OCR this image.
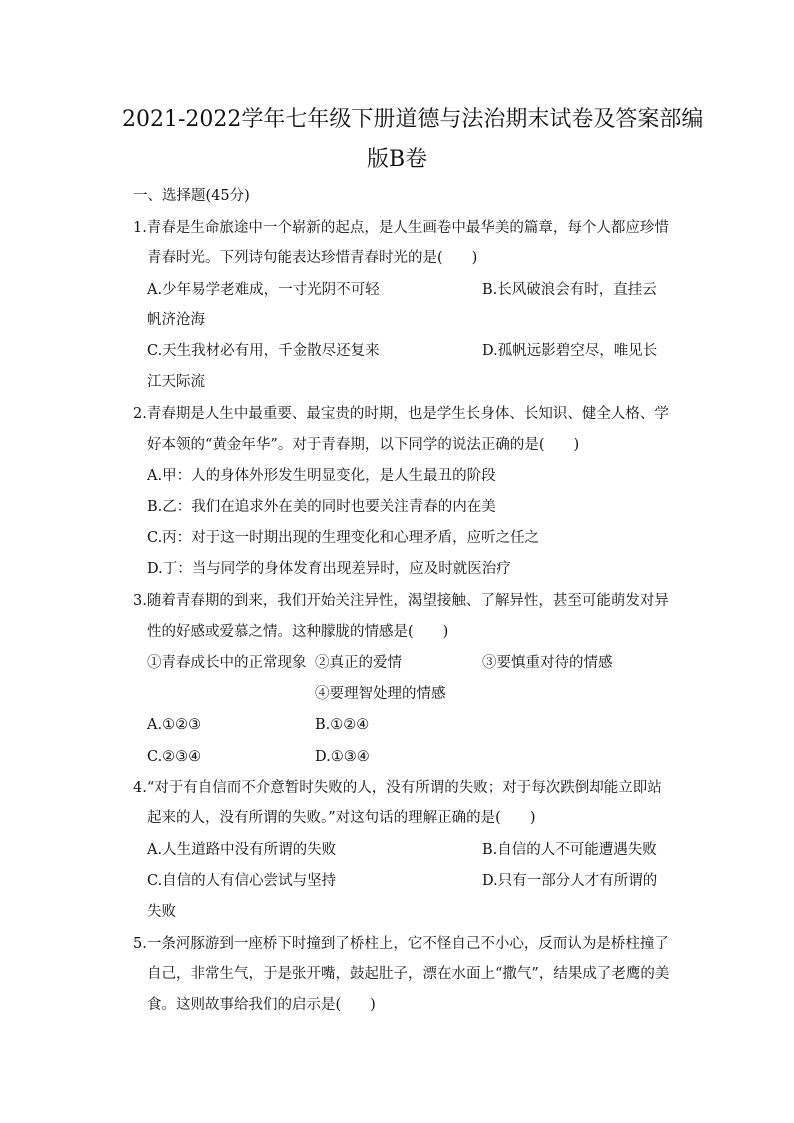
2021-2022学年七年级下册道德与法治期末试卷及答案部编
版B卷
一、选择题(45分)
1.青春是生命旅途中一个崭新的起点，是人生画卷中最华美的篇章，每个人都应珍惜
青春时光。下列诗句能表达珍惜青春时光的是(　　)
A.少年易学老难成，一寸光阴不可轻	B.长风破浪会有时，直挂云
帆济沧海
C.天生我材必有用，千金散尽还复来	D.孤帆远影碧空尽，唯见长
江天际流
2.青春期是人生中最重要、最宝贵的时期，也是学生长身体、长知识、健全人格、学
好本领的“黄金年华”。对于青春期，以下同学的说法正确的是(　　)
A.甲：人的身体外形发生明显变化，是人生最丑的阶段
B.乙：我们在追求外在美的同时也要关注青春的内在美
C.丙：对于这一时期出现的生理变化和心理矛盾，应听之任之
D.丁：当与同学的身体发育出现差异时，应及时就医治疗
3.随着青春期的到来，我们开始关注异性，渴望接触、了解异性，甚至可能萌发对异
性的好感或爱慕之情。这种朦胧的情感是(　　)
①青春成长中的正常现象 ②真正的爱情	③要慎重对待的情感
④要理智处理的情感
A.①②③	B.①②④
C.②③④	D.①③④
4.“对于有自信而不介意暂时失败的人，没有所谓的失败；对于每次跌倒却能立即站
起来的人，没有所谓的失败。”对这句话的理解正确的是(　　)
A.人生道路中没有所谓的失败	B.自信的人不可能遭遇失败
C.自信的人有信心尝试与坚持	D.只有一部分人才有所谓的
失败
5.一条河豚游到一座桥下时撞到了桥柱上，它不怪自己不小心，反而认为是桥柱撞了
自己，非常生气，于是张开嘴，鼓起肚子，漂在水面上“撒气”，结果成了老鹰的美
食。这则故事给我们的启示是(　　)
